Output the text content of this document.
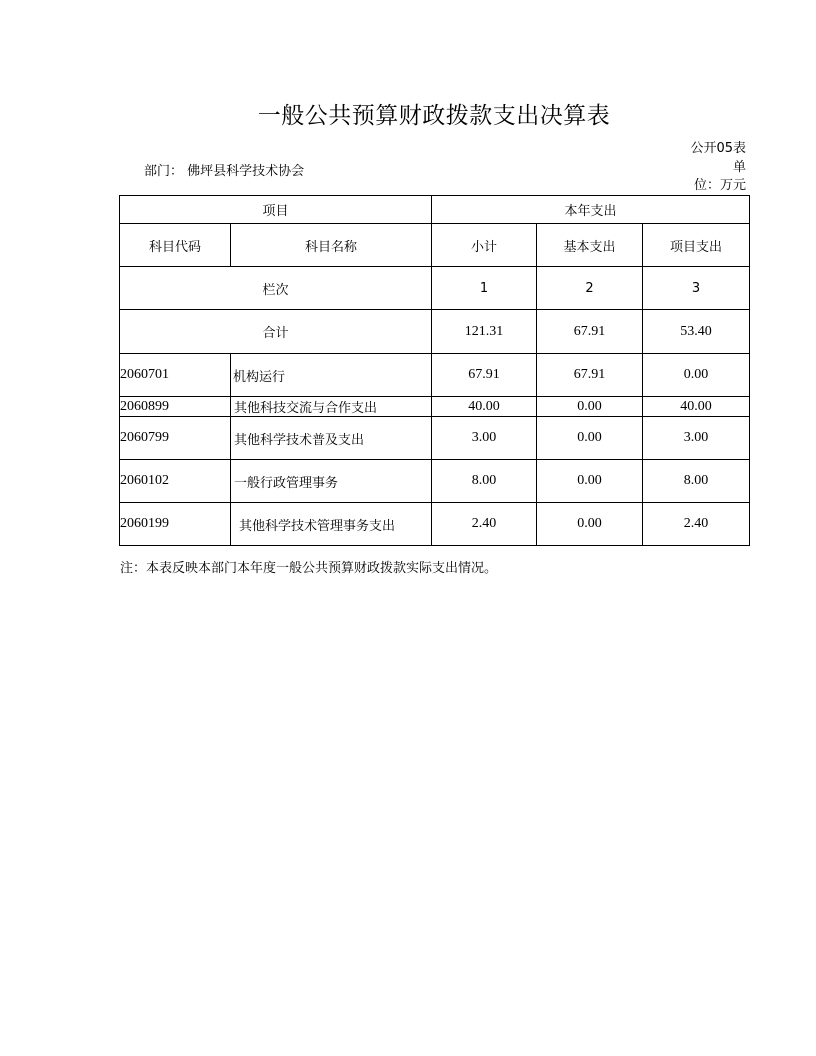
一般公共预算财政拨款支出决算表
公开05表
部门： 佛坪县科学技术协会	单
位：万元
项目		本年支出		
科目代码	科目名称	小计	基本支出	项目支出
栏次		1	2	3
合计		121.31	67.91	53.40
2060701	机构运行	67.91	67.91	0.00
2060899	其他科技交流与合作支出	40.00	0.00	40.00
2060799	其他科学技术普及支出	3.00	0.00	3.00
2060102	一般行政管理事务	8.00	0.00	8.00
2060199	其他科学技术管理事务支出	2.40	0.00	2.40
注：本表反映本部门本年度一般公共预算财政拨款实际支出情况。
